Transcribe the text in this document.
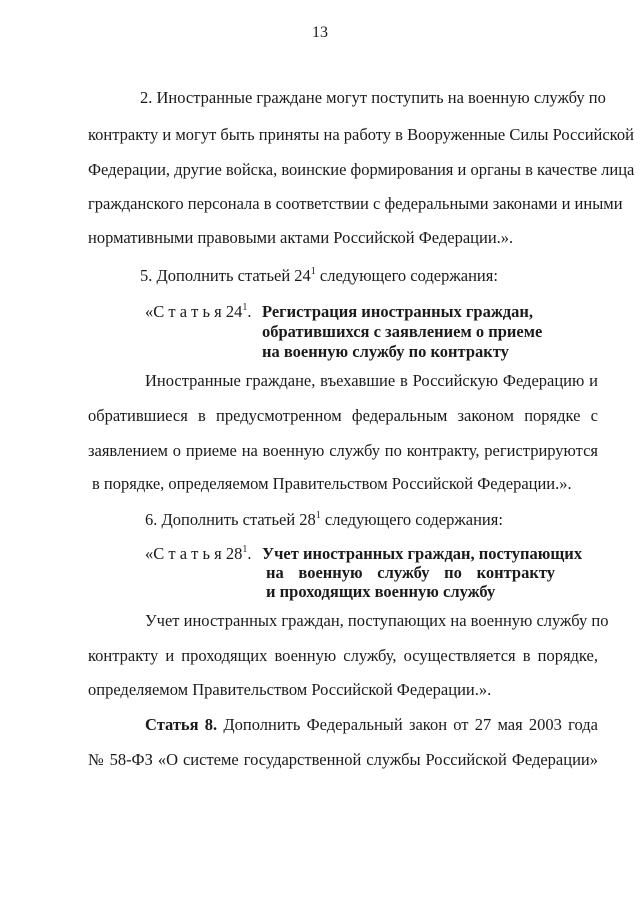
13
2. Иностранные граждане могут поступить на военную службу по
контракту и могут быть приняты на работу в Вооруженные Силы Российской
Федерации, другие войска, воинские формирования и органы в качестве лица
гражданского персонала в соответствии с федеральными законами и иными
нормативными правовыми актами Российской Федерации.».
5. Дополнить статьей $24^1$ следующего содержания:
«С т а т ь я $24^1$. Регистрация иностранных граждан,
обратившихся с заявлением о приеме
на военную службу по контракту
Иностранные граждане, въехавшие в Российскую Федерацию и
обратившиеся в предусмотренном федеральным законом порядке с
заявлением о приеме на военную службу по контракту, регистрируются
в порядке, определяемом Правительством Российской Федерации.».
6. Дополнить статьей $28^1$ следующего содержания:
«С т а т ь я $28^1$. Учет иностранных граждан, поступающих
на военную службу по контракту
и проходящих военную службу
Учет иностранных граждан, поступающих на военную службу по
контракту и проходящих военную службу, осуществляется в порядке,
определяемом Правительством Российской Федерации.».
Статья 8. Дополнить Федеральный закон от 27 мая 2003 года
№ 58-ФЗ «О системе государственной службы Российской Федерации»
